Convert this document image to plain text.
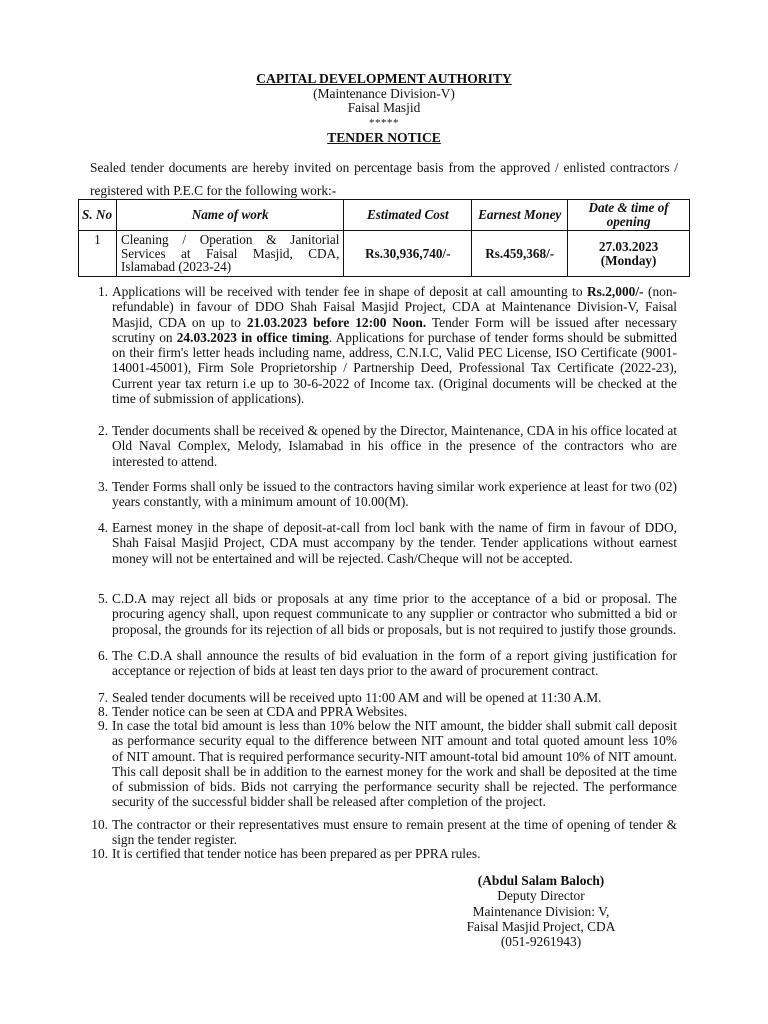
CAPITAL DEVELOPMENT AUTHORITY
(Maintenance Division-V)
Faisal Masjid
*****
TENDER NOTICE
Sealed tender documents are hereby invited on percentage basis from the approved / enlisted contractors / registered with P.E.C for the following work:-
S. No	Name of work	Estimated Cost	Earnest Money	Date & time of opening
1	Cleaning / Operation & Janitorial Services at Faisal Masjid, CDA, Islamabad (2023-24)	Rs.30,936,740/-	Rs.459,368/-	27.03.2023
(Monday)
1. Applications will be received with tender fee in shape of deposit at call amounting to Rs.2,000/- (non-refundable) in favour of DDO Shah Faisal Masjid Project, CDA at Maintenance Division-V, Faisal Masjid, CDA on up to 21.03.2023 before 12:00 Noon. Tender Form will be issued after necessary scrutiny on 24.03.2023 in office timing. Applications for purchase of tender forms should be submitted on their firm's letter heads including name, address, C.N.I.C, Valid PEC License, ISO Certificate (9001-14001-45001), Firm Sole Proprietorship / Partnership Deed, Professional Tax Certificate (2022-23), Current year tax return i.e up to 30-6-2022 of Income tax. (Original documents will be checked at the time of submission of applications).
2. Tender documents shall be received & opened by the Director, Maintenance, CDA in his office located at Old Naval Complex, Melody, Islamabad in his office in the presence of the contractors who are interested to attend.
3. Tender Forms shall only be issued to the contractors having similar work experience at least for two (02) years constantly, with a minimum amount of 10.00(M).
4. Earnest money in the shape of deposit-at-call from locl bank with the name of firm in favour of DDO, Shah Faisal Masjid Project, CDA must accompany by the tender. Tender applications without earnest money will not be entertained and will be rejected. Cash/Cheque will not be accepted.
5. C.D.A may reject all bids or proposals at any time prior to the acceptance of a bid or proposal. The procuring agency shall, upon request communicate to any supplier or contractor who submitted a bid or proposal, the grounds for its rejection of all bids or proposals, but is not required to justify those grounds.
6. The C.D.A shall announce the results of bid evaluation in the form of a report giving justification for acceptance or rejection of bids at least ten days prior to the award of procurement contract.
7. Sealed tender documents will be received upto 11:00 AM and will be opened at 11:30 A.M.
8. Tender notice can be seen at CDA and PPRA Websites.
9. In case the total bid amount is less than 10% below the NIT amount, the bidder shall submit call deposit as performance security equal to the difference between NIT amount and total quoted amount less 10% of NIT amount. That is required performance security-NIT amount-total bid amount 10% of NIT amount. This call deposit shall be in addition to the earnest money for the work and shall be deposited at the time of submission of bids. Bids not carrying the performance security shall be rejected. The performance security of the successful bidder shall be released after completion of the project.
10. The contractor or their representatives must ensure to remain present at the time of opening of tender & sign the tender register.
10. It is certified that tender notice has been prepared as per PPRA rules.
(Abdul Salam Baloch)
Deputy Director
Maintenance Division: V,
Faisal Masjid Project, CDA
(051-9261943)
